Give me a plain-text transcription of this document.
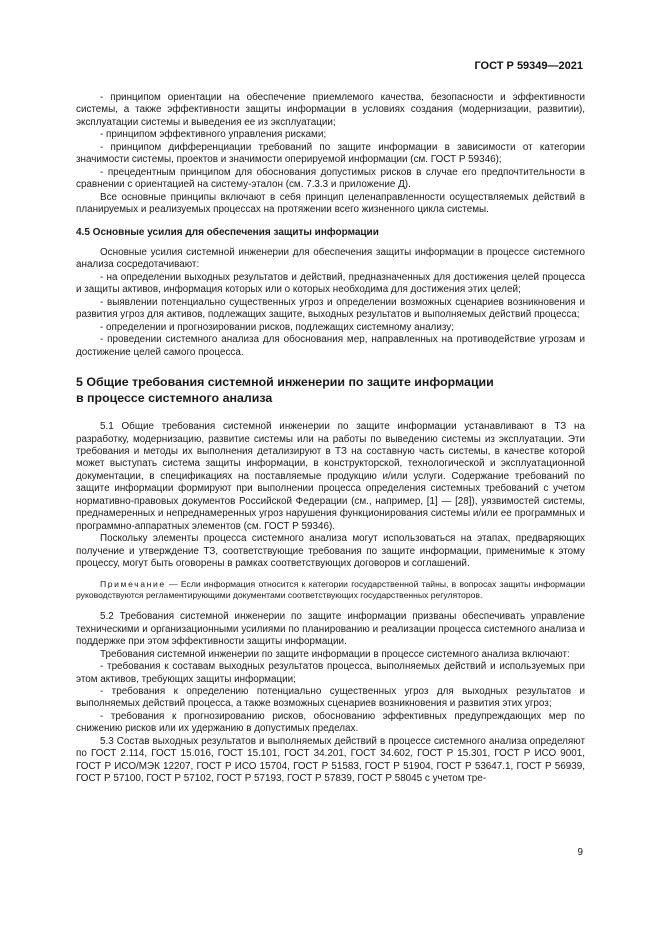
ГОСТ Р 59349—2021

- принципом ориентации на обеспечение приемлемого качества, безопасности и эффективности системы, а также эффективности защиты информации в условиях создания (модернизации, развитии), эксплуатации системы и выведения ее из эксплуатации;

- принципом эффективного управления рисками;

- принципом дифференциации требований по защите информации в зависимости от категории значимости системы, проектов и значимости оперируемой информации (см. ГОСТ Р 59346);

- прецедентным принципом для обоснования допустимых рисков в случае его предпочтительности в сравнении с ориентацией на систему-эталон (см. 7.3.3 и приложение Д).

Все основные принципы включают в себя принцип целенаправленности осуществляемых действий в планируемых и реализуемых процессах на протяжении всего жизненного цикла системы.

4.5 Основные усилия для обеспечения защиты информации

Основные усилия системной инженерии для обеспечения защиты информации в процессе системного анализа сосредотачивают:

- на определении выходных результатов и действий, предназначенных для достижения целей процесса и защиты активов, информация которых или о которых необходима для достижения этих целей;

- выявлении потенциально существенных угроз и определении возможных сценариев возникновения и развития угроз для активов, подлежащих защите, выходных результатов и выполняемых действий процесса;

- определении и прогнозировании рисков, подлежащих системному анализу;

- проведении системного анализа для обоснования мер, направленных на противодействие угрозам и достижение целей самого процесса.

5 Общие требования системной инженерии по защите информации
в процессе системного анализа

5.1 Общие требования системной инженерии по защите информации устанавливают в ТЗ на разработку, модернизацию, развитие системы или на работы по выведению системы из эксплуатации. Эти требования и методы их выполнения детализируют в ТЗ на составную часть системы, в качестве которой может выступать система защиты информации, в конструкторской, технологической и эксплуатационной документации, в спецификациях на поставляемые продукцию и/или услуги. Содержание требований по защите информации формируют при выполнении процесса определения системных требований с учетом нормативно-правовых документов Российской Федерации (см., например, [1] — [28]), уязвимостей системы, преднамеренных и непреднамеренных угроз нарушения функционирования системы и/или ее программных и программно-аппаратных элементов (см. ГОСТ Р 59346).

Поскольку элементы процесса системного анализа могут использоваться на этапах, предваряющих получение и утверждение ТЗ, соответствующие требования по защите информации, применимые к этому процессу, могут быть оговорены в рамках соответствующих договоров и соглашений.

Примечание — Если информация относится к категории государственной тайны, в вопросах защиты информации руководствуются регламентирующими документами соответствующих государственных регуляторов.

5.2 Требования системной инженерии по защите информации призваны обеспечивать управление техническими и организационными усилиями по планированию и реализации процесса системного анализа и поддержке при этом эффективности защиты информации.

Требования системной инженерии по защите информации в процессе системного анализа включают:

- требования к составам выходных результатов процесса, выполняемых действий и используемых при этом активов, требующих защиты информации;

- требования к определению потенциально существенных угроз для выходных результатов и выполняемых действий процесса, а также возможных сценариев возникновения и развития этих угроз;

- требования к прогнозированию рисков, обоснованию эффективных предупреждающих мер по снижению рисков или их удержанию в допустимых пределах.

5.3 Состав выходных результатов и выполняемых действий в процессе системного анализа определяют по ГОСТ 2.114, ГОСТ 15.016, ГОСТ 15.101, ГОСТ 34.201, ГОСТ 34.602, ГОСТ Р 15.301, ГОСТ Р ИСО 9001, ГОСТ Р ИСО/МЭК 12207, ГОСТ Р ИСО 15704, ГОСТ Р 51583, ГОСТ Р 51904, ГОСТ Р 53647.1, ГОСТ Р 56939, ГОСТ Р 57100, ГОСТ Р 57102, ГОСТ Р 57193, ГОСТ Р 57839, ГОСТ Р 58045 с учетом тре-

9
